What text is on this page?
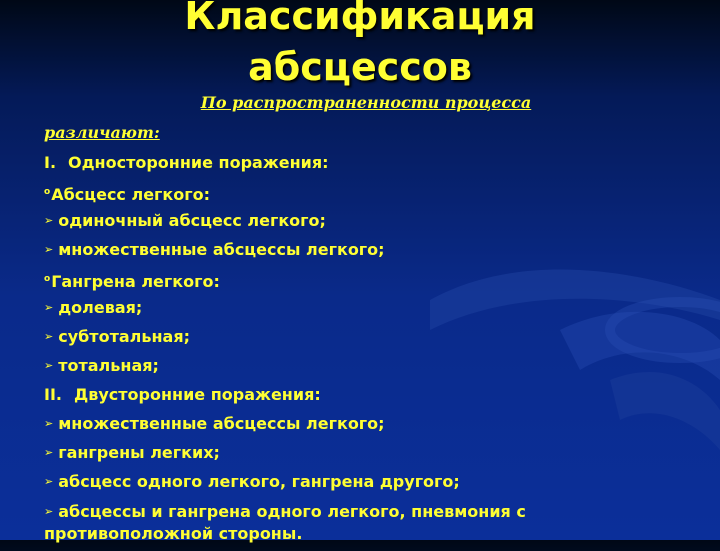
Классификация
абсцессов
По распространенности процесса
различают:
I. Односторонние поражения:
oАбсцесс легкого:
➢ одиночный абсцесс легкого;
➢ множественные абсцессы легкого;
oГангрена легкого:
➢ долевая;
➢ субтотальная;
➢ тотальная;
II. Двусторонние поражения:
➢ множественные абсцессы легкого;
➢ гангрены легких;
➢ абсцесс одного легкого, гангрена другого;
➢ абсцессы и гангрена одного легкого, пневмония с противоположной стороны.
